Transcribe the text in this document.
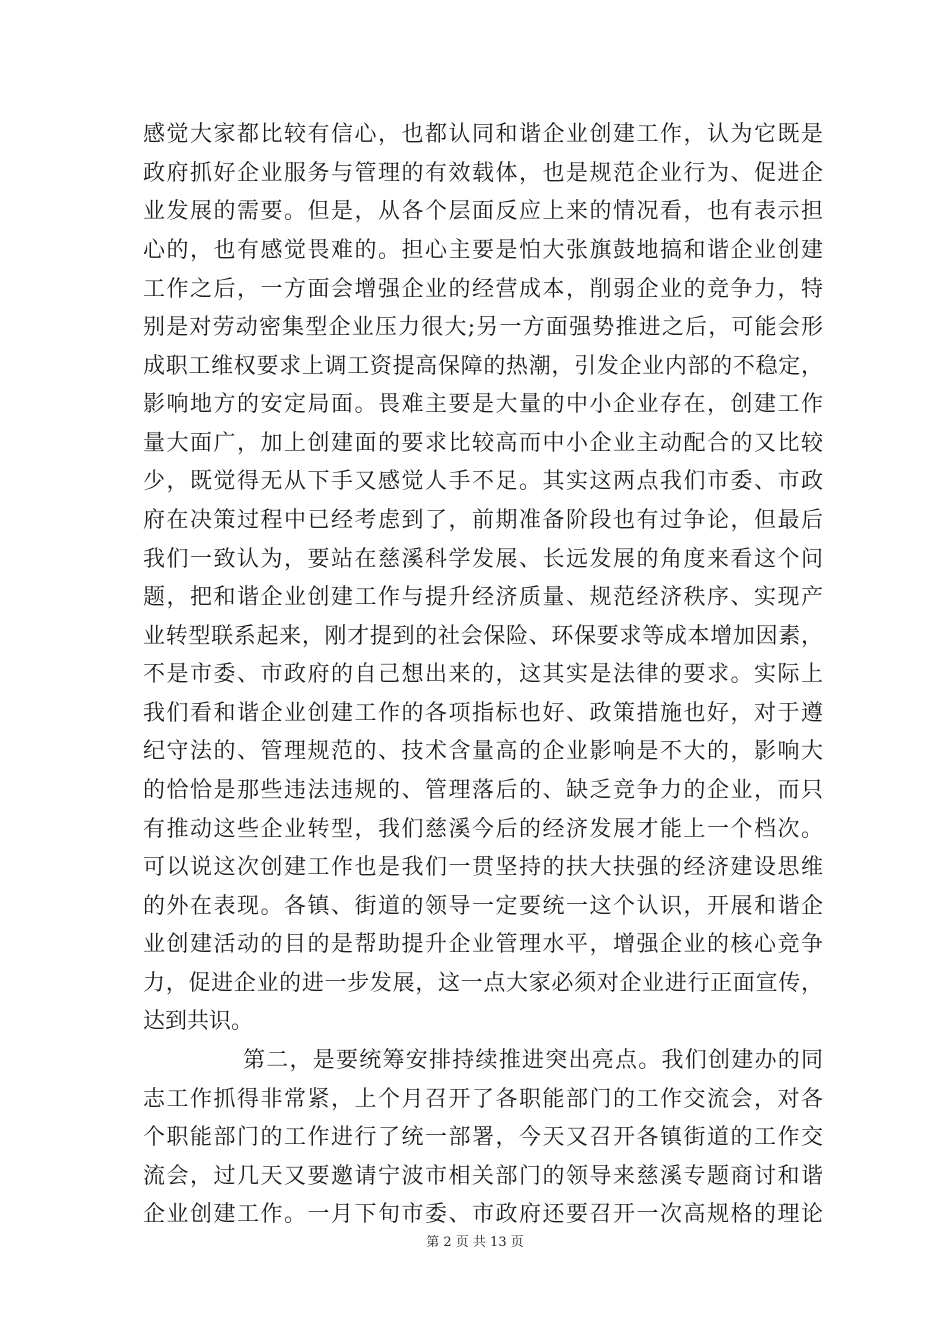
感觉大家都比较有信心，也都认同和谐企业创建工作，认为它既是
政府抓好企业服务与管理的有效载体，也是规范企业行为、促进企
业发展的需要。但是，从各个层面反应上来的情况看，也有表示担
心的，也有感觉畏难的。担心主要是怕大张旗鼓地搞和谐企业创建
工作之后，一方面会增强企业的经营成本，削弱企业的竞争力，特
别是对劳动密集型企业压力很大;另一方面强势推进之后，可能会形
成职工维权要求上调工资提高保障的热潮，引发企业内部的不稳定，
影响地方的安定局面。畏难主要是大量的中小企业存在，创建工作
量大面广，加上创建面的要求比较高而中小企业主动配合的又比较
少，既觉得无从下手又感觉人手不足。其实这两点我们市委、市政
府在决策过程中已经考虑到了，前期准备阶段也有过争论，但最后
我们一致认为，要站在慈溪科学发展、长远发展的角度来看这个问
题，把和谐企业创建工作与提升经济质量、规范经济秩序、实现产
业转型联系起来，刚才提到的社会保险、环保要求等成本增加因素，
不是市委、市政府的自己想出来的，这其实是法律的要求。实际上
我们看和谐企业创建工作的各项指标也好、政策措施也好，对于遵
纪守法的、管理规范的、技术含量高的企业影响是不大的，影响大
的恰恰是那些违法违规的、管理落后的、缺乏竞争力的企业，而只
有推动这些企业转型，我们慈溪今后的经济发展才能上一个档次。
可以说这次创建工作也是我们一贯坚持的扶大扶强的经济建设思维
的外在表现。各镇、街道的领导一定要统一这个认识，开展和谐企
业创建活动的目的是帮助提升企业管理水平，增强企业的核心竞争
力，促进企业的进一步发展，这一点大家必须对企业进行正面宣传，
达到共识。
第二，是要统筹安排持续推进突出亮点。我们创建办的同
志工作抓得非常紧，上个月召开了各职能部门的工作交流会，对各
个职能部门的工作进行了统一部署，今天又召开各镇街道的工作交
流会，过几天又要邀请宁波市相关部门的领导来慈溪专题商讨和谐
企业创建工作。一月下旬市委、市政府还要召开一次高规格的理论
第 2 页 共 13 页
